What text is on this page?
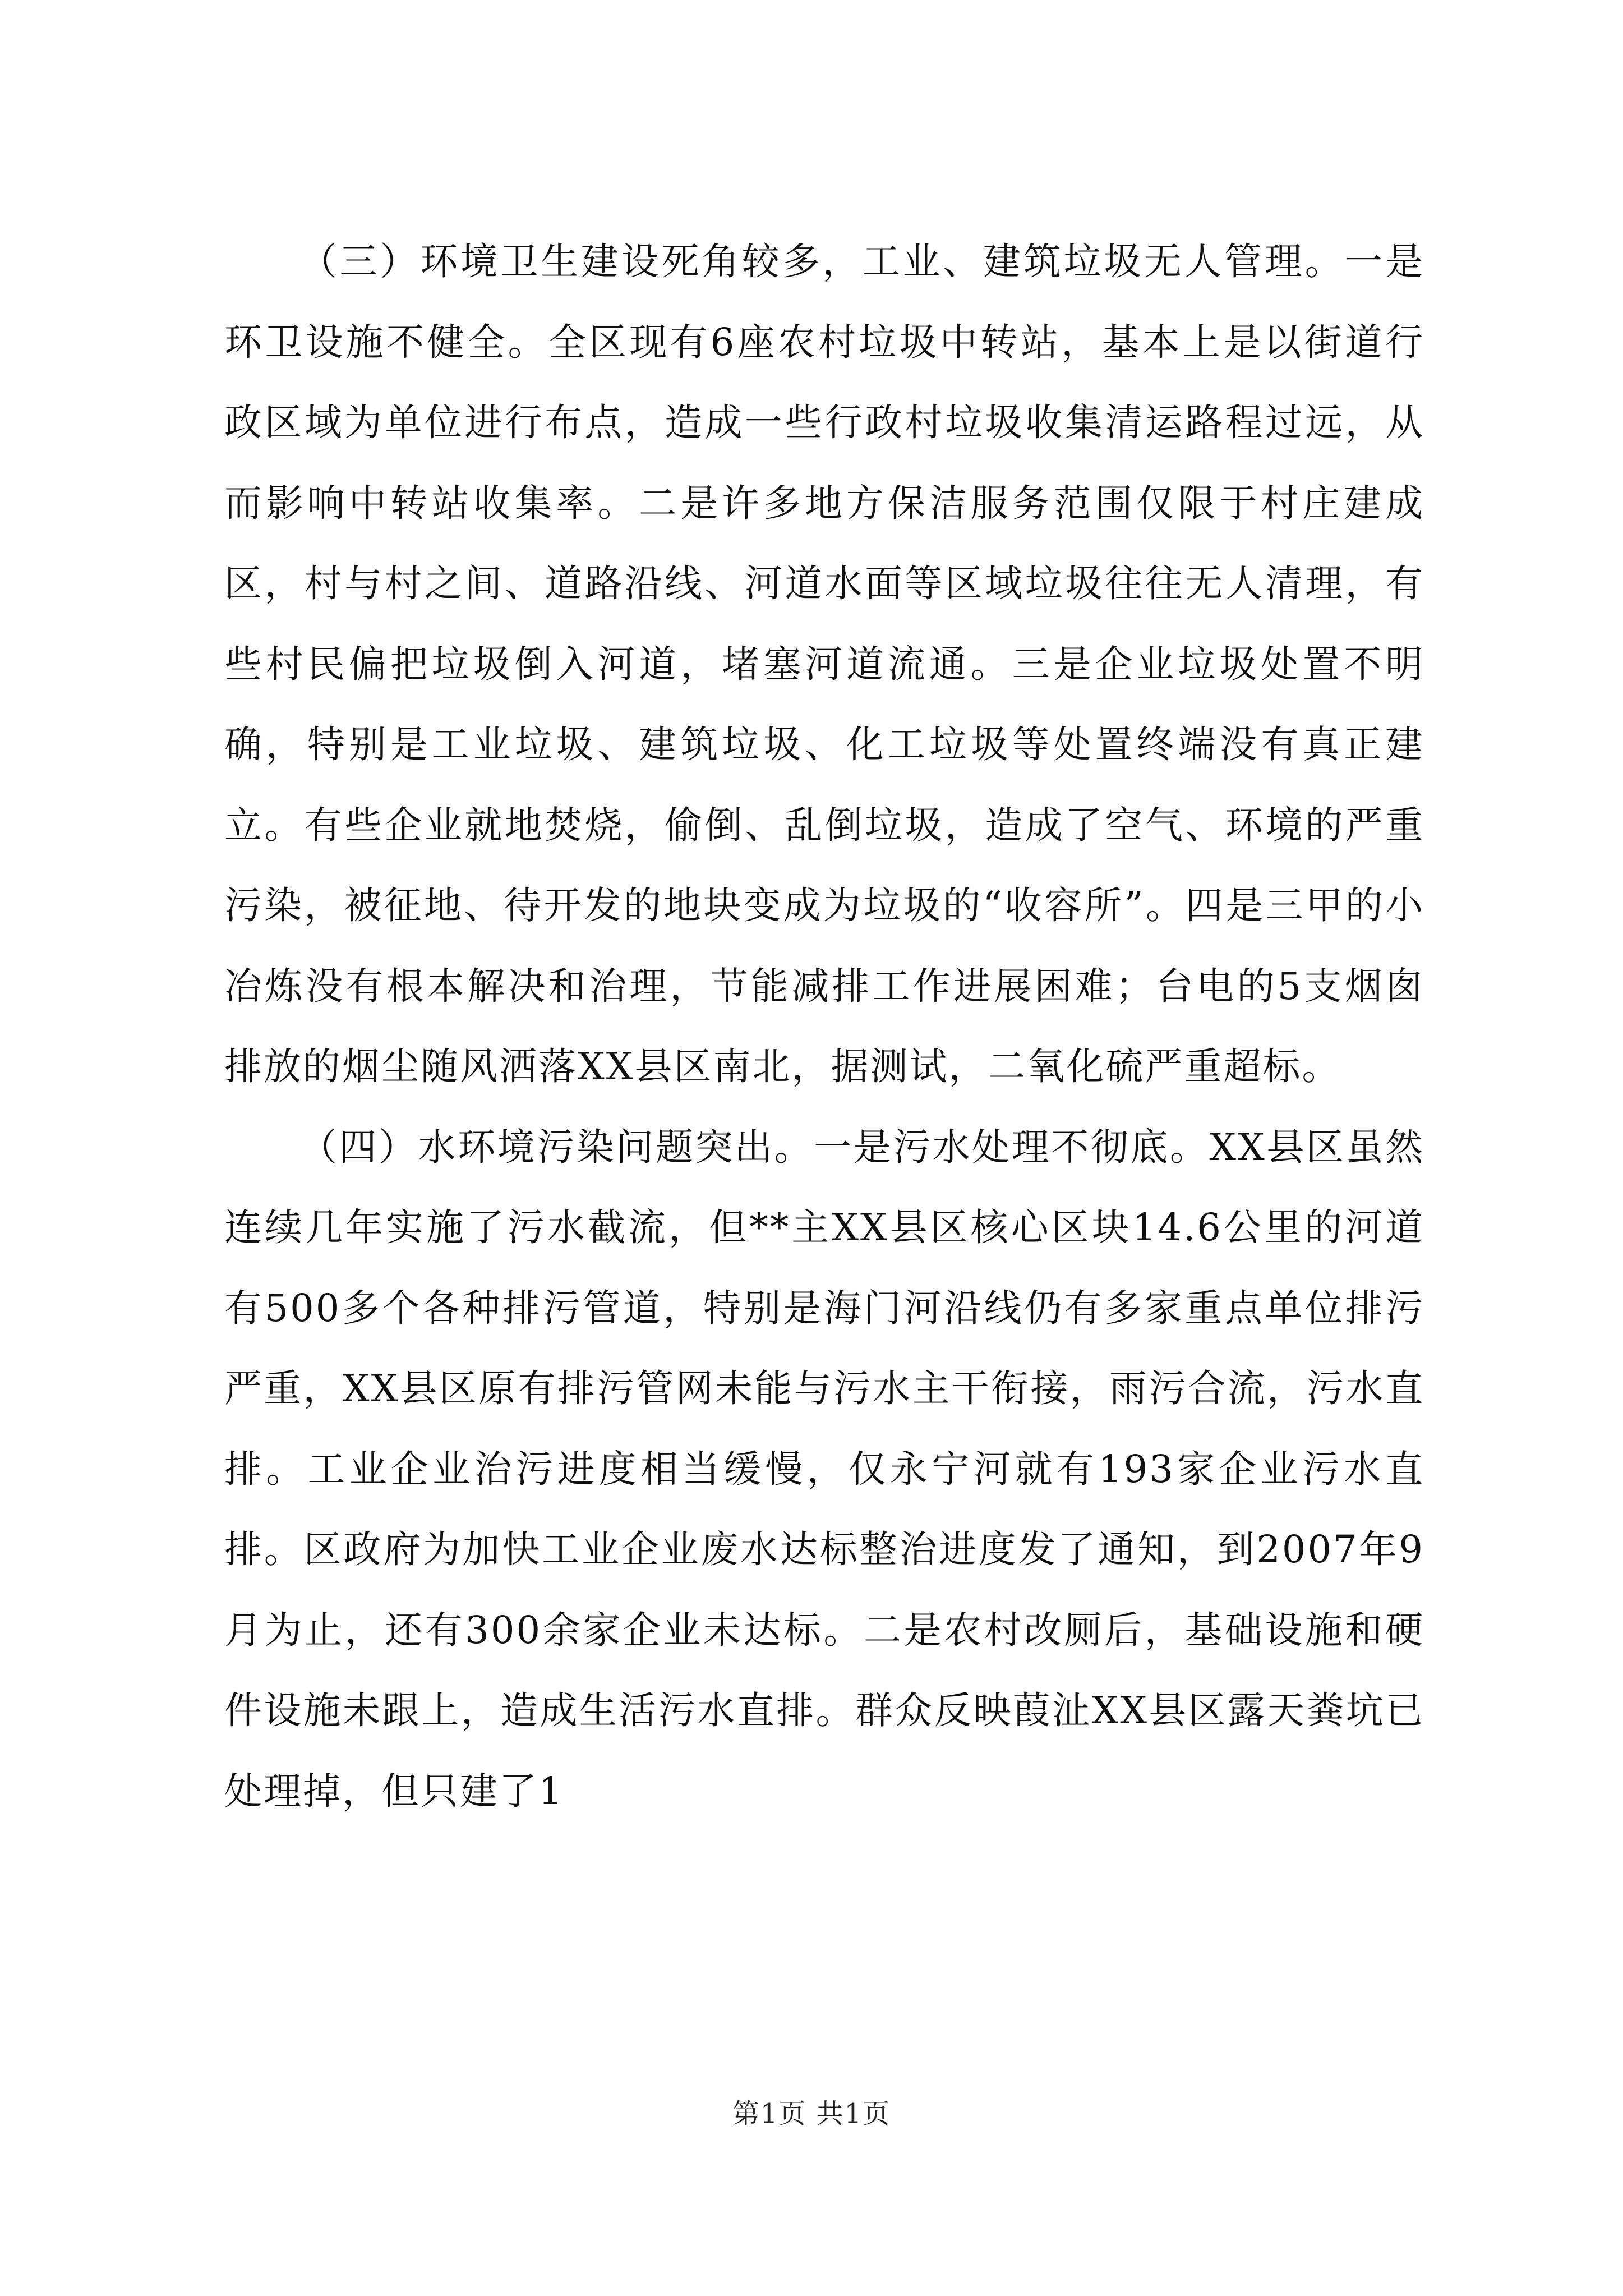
（三）环境卫生建设死角较多，工业、建筑垃圾无人管理。一是环卫设施不健全。全区现有6座农村垃圾中转站，基本上是以街道行政区域为单位进行布点，造成一些行政村垃圾收集清运路程过远，从而影响中转站收集率。二是许多地方保洁服务范围仅限于村庄建成区，村与村之间、道路沿线、河道水面等区域垃圾往往无人清理，有些村民偏把垃圾倒入河道，堵塞河道流通。三是企业垃圾处置不明确，特别是工业垃圾、建筑垃圾、化工垃圾等处置终端没有真正建立。有些企业就地焚烧，偷倒、乱倒垃圾，造成了空气、环境的严重污染，被征地、待开发的地块变成为垃圾的“收容所”。四是三甲的小冶炼没有根本解决和治理，节能减排工作进展困难；台电的5支烟囱排放的烟尘随风洒落XX县区南北，据测试，二氧化硫严重超标。

（四）水环境污染问题突出。一是污水处理不彻底。XX县区虽然连续几年实施了污水截流，但**主XX县区核心区块14.6公里的河道有500多个各种排污管道，特别是海门河沿线仍有多家重点单位排污严重，XX县区原有排污管网未能与污水主干衔接，雨污合流，污水直排。工业企业治污进度相当缓慢，仅永宁河就有193家企业污水直排。区政府为加快工业企业废水达标整治进度发了通知，到2007年9月为止，还有300余家企业未达标。二是农村改厕后，基础设施和硬件设施未跟上，造成生活污水直排。群众反映葭沚XX县区露天粪坑已处理掉，但只建了1

第1页 共1页
